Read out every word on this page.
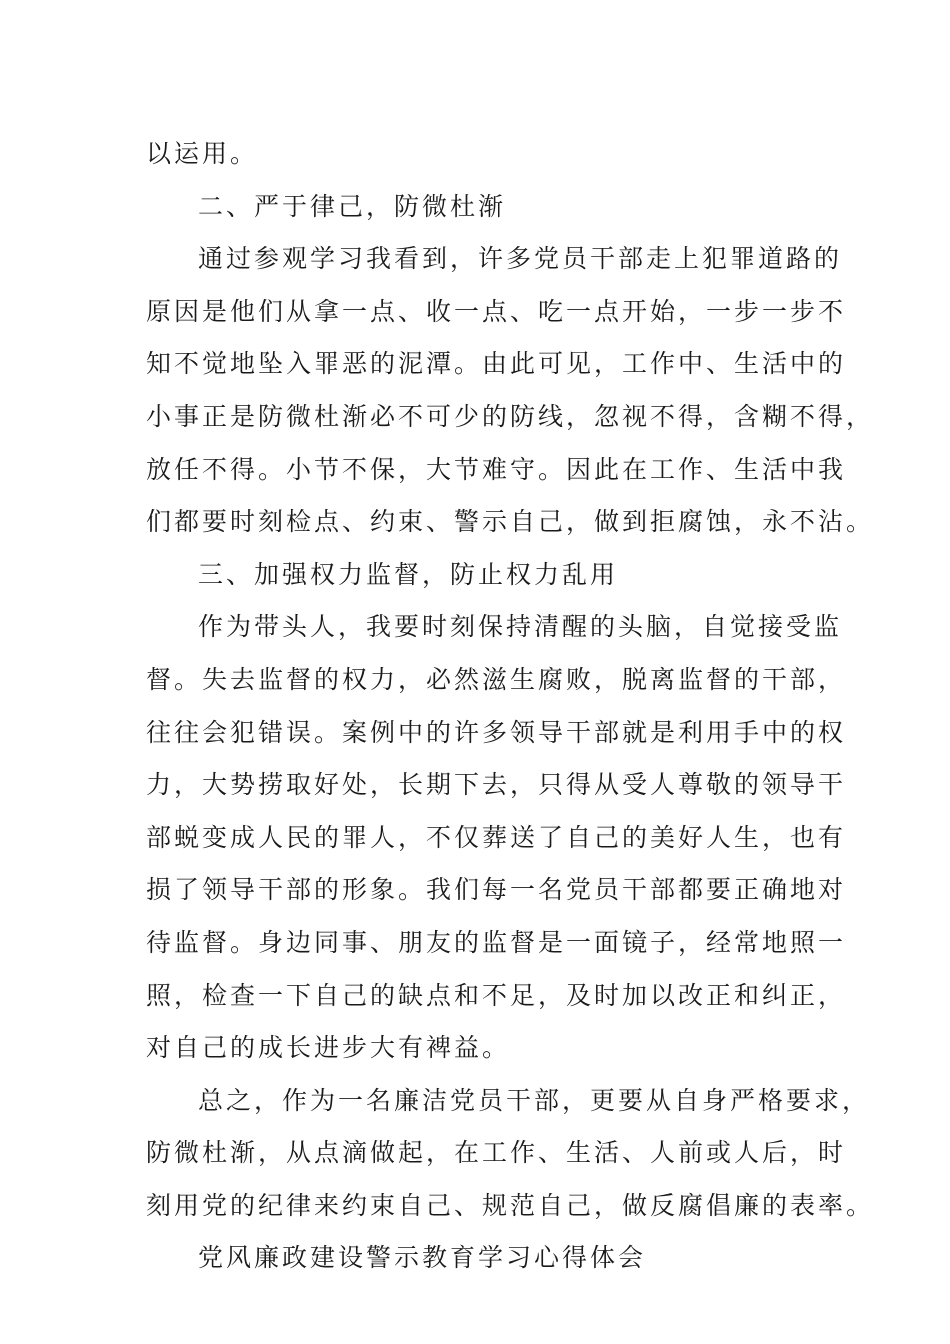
以运用。
二、严于律己，防微杜渐
通过参观学习我看到，许多党员干部走上犯罪道路的
原因是他们从拿一点、收一点、吃一点开始，一步一步不
知不觉地坠入罪恶的泥潭。由此可见，工作中、生活中的
小事正是防微杜渐必不可少的防线，忽视不得，含糊不得，
放任不得。小节不保，大节难守。因此在工作、生活中我
们都要时刻检点、约束、警示自己，做到拒腐蚀，永不沾。
三、加强权力监督，防止权力乱用
作为带头人，我要时刻保持清醒的头脑，自觉接受监
督。失去监督的权力，必然滋生腐败，脱离监督的干部，
往往会犯错误。案例中的许多领导干部就是利用手中的权
力，大势捞取好处，长期下去，只得从受人尊敬的领导干
部蜕变成人民的罪人，不仅葬送了自己的美好人生，也有
损了领导干部的形象。我们每一名党员干部都要正确地对
待监督。身边同事、朋友的监督是一面镜子，经常地照一
照，检查一下自己的缺点和不足，及时加以改正和纠正，
对自己的成长进步大有裨益。
总之，作为一名廉洁党员干部，更要从自身严格要求，
防微杜渐，从点滴做起，在工作、生活、人前或人后，时
刻用党的纪律来约束自己、规范自己，做反腐倡廉的表率。
党风廉政建设警示教育学习心得体会
